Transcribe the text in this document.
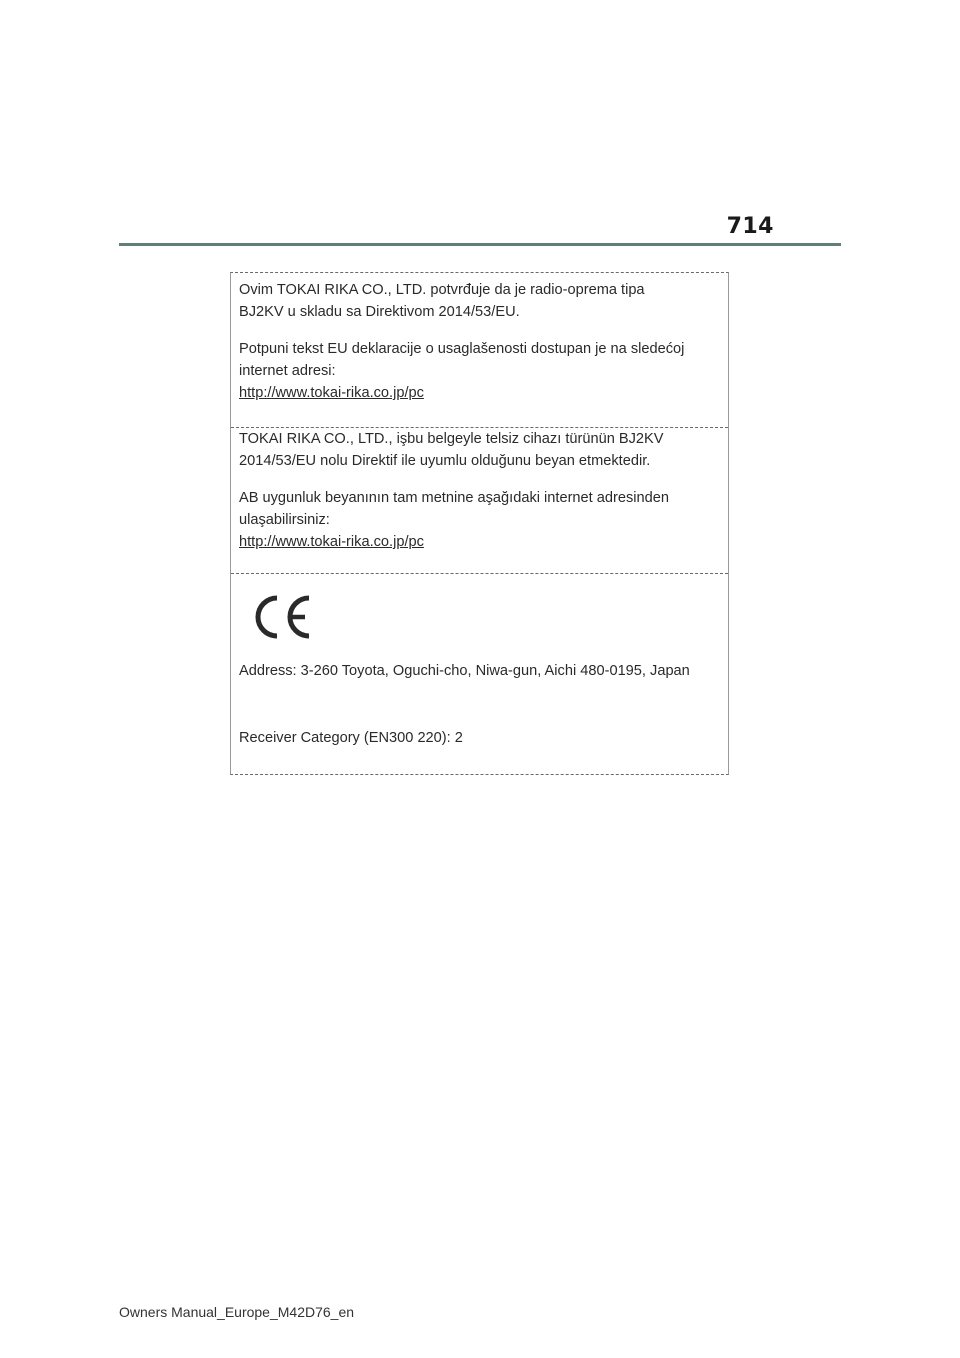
714

Ovim TOKAI RIKA CO., LTD. potvrđuje da je radio-oprema tipa
BJ2KV u skladu sa Direktivom 2014/53/EU.

Potpuni tekst EU deklaracije o usaglašenosti dostupan je na sledećoj
internet adresi:
http://www.tokai-rika.co.jp/pc

TOKAI RIKA CO., LTD., işbu belgeyle telsiz cihazı türünün BJ2KV
2014/53/EU nolu Direktif ile uyumlu olduğunu beyan etmektedir.

AB uygunluk beyanının tam metnine aşağıdaki internet adresinden
ulaşabilirsiniz:
http://www.tokai-rika.co.jp/pc

Address: 3-260 Toyota, Oguchi-cho, Niwa-gun, Aichi 480-0195, Japan

Receiver Category (EN300 220): 2

Owners Manual_Europe_M42D76_en
